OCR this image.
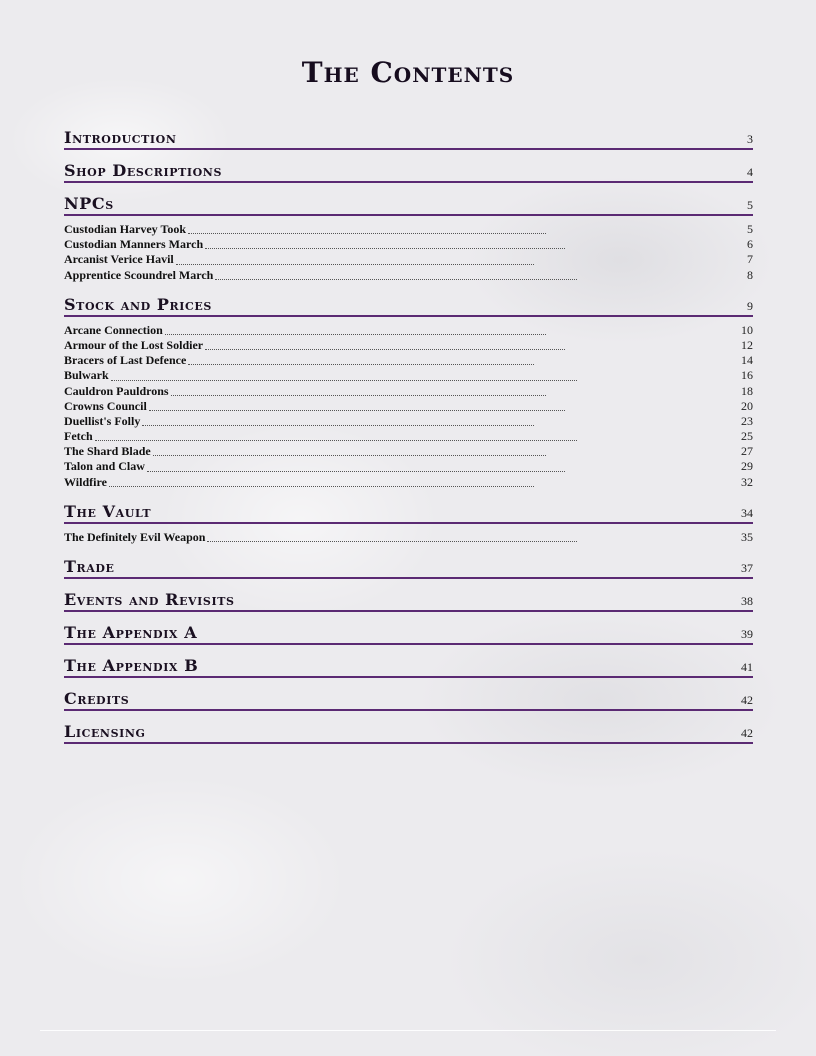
The Contents
Introduction	3
Shop Descriptions	4
NPCs	5
Custodian Harvey Took	5
Custodian Manners March	6
Arcanist Verice Havil	7
Apprentice Scoundrel March	8
Stock and Prices	9
Arcane Connection	10
Armour of the Lost Soldier	12
Bracers of Last Defence	14
Bulwark	16
Cauldron Pauldrons	18
Crowns Council	20
Duellist's Folly	23
Fetch	25
The Shard Blade	27
Talon and Claw	29
Wildfire	32
The Vault	34
The Definitely Evil Weapon	35
Trade	37
Events and Revisits	38
The Appendix A	39
The Appendix B	41
Credits	42
Licensing	42
